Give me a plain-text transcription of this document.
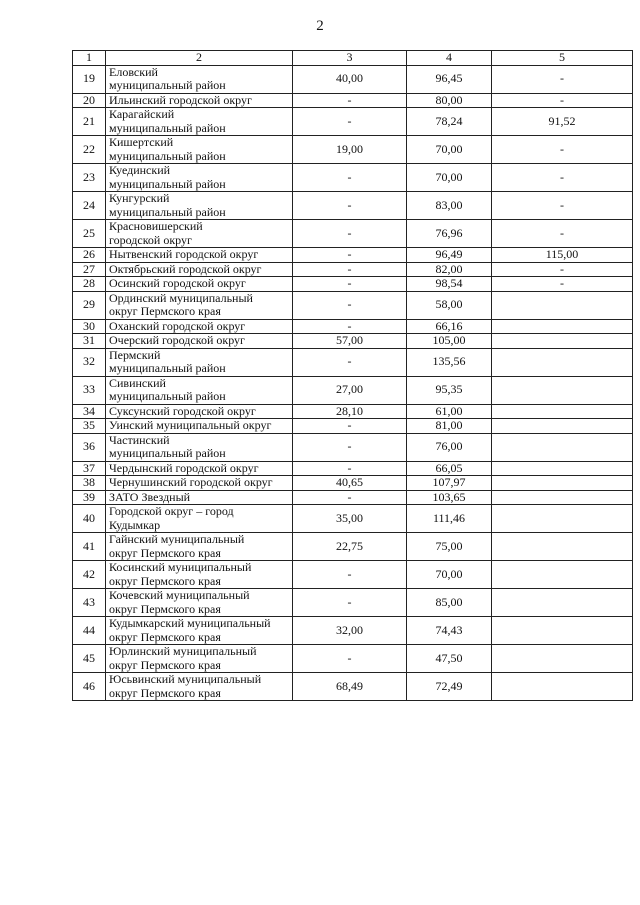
2
1	2	3	4	5
19	Еловский
муниципальный район	40,00	96,45	-
20	Ильинский городской округ	-	80,00	-
21	Карагайский
муниципальный район	-	78,24	91,52
22	Кишертский
муниципальный район	19,00	70,00	-
23	Куединский
муниципальный район	-	70,00	-
24	Кунгурский
муниципальный район	-	83,00	-
25	Красновишерский
городской округ	-	76,96	-
26	Нытвенский городской округ	-	96,49	115,00
27	Октябрьский городской округ	-	82,00	-
28	Осинский городской округ	-	98,54	-
29	Ординский муниципальный
округ Пермского края	-	58,00	
30	Оханский городской округ	-	66,16	
31	Очерский городской округ	57,00	105,00	
32	Пермский
муниципальный район	-	135,56	
33	Сивинский
муниципальный район	27,00	95,35	
34	Суксунский городской округ	28,10	61,00	
35	Уинский муниципальный округ	-	81,00	
36	Частинский
муниципальный район	-	76,00	
37	Чердынский городской округ	-	66,05	
38	Чернушинский городской округ	40,65	107,97	
39	ЗАТО Звездный	-	103,65	
40	Городской округ – город
Кудымкар	35,00	111,46	
41	Гайнский муниципальный
округ Пермского края	22,75	75,00	
42	Косинский муниципальный
округ Пермского края	-	70,00	
43	Кочевский муниципальный
округ Пермского края	-	85,00	
44	Кудымкарский муниципальный
округ Пермского края	32,00	74,43	
45	Юрлинский муниципальный
округ Пермского края	-	47,50	
46	Юсьвинский муниципальный
округ Пермского края	68,49	72,49	
